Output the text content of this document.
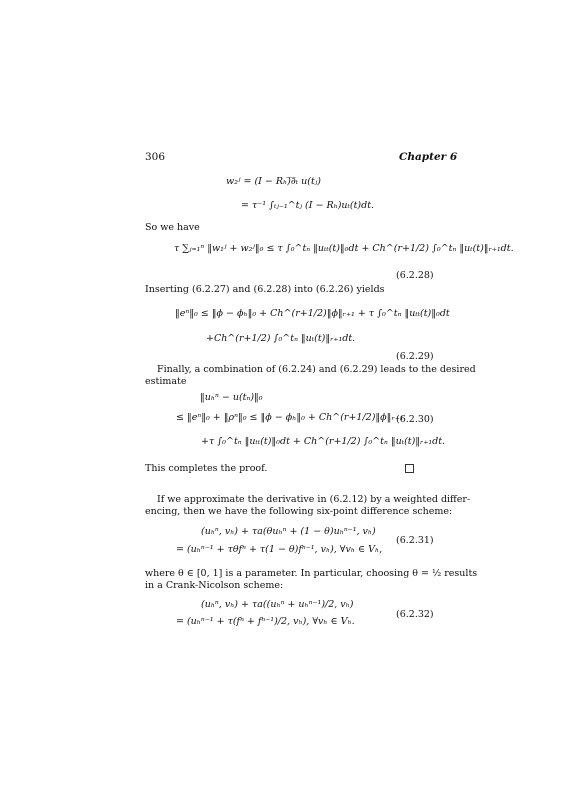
306	Chapter 6
w₂ʲ = (I − Rₕ)̅∂̅ₜ u(tⱼ)
= τ⁻¹ ∫ₜⱼ₋₁^tⱼ (I − Rₕ)uₜ(t)dt.
So we have
τ ∑ⱼ₌₁ⁿ ‖w₁ʲ + w₂ʲ‖₀ ≤ τ ∫₀^tₙ ‖uₜₜ(t)‖₀dt + Ch^(r+1/2) ∫₀^tₙ ‖uₜ(t)‖ᵣ₊₁dt.
(6.2.28)
Inserting (6.2.27) and (6.2.28) into (6.2.26) yields
‖eⁿ‖₀ ≤ ‖ϕ − ϕₕ‖₀ + Ch^(r+1/2)‖ϕ‖ᵣ₊₁ + τ ∫₀^tₙ ‖uₜₜ(t)‖₀dt
+Ch^(r+1/2) ∫₀^tₙ ‖uₜ(t)‖ᵣ₊₁dt.
(6.2.29)
Finally, a combination of (6.2.24) and (6.2.29) leads to the desired
estimate
‖uₕⁿ − u(tₙ)‖₀
≤ ‖eⁿ‖₀ + ‖ρⁿ‖₀ ≤ ‖ϕ − ϕₕ‖₀ + Ch^(r+1/2)‖ϕ‖ᵣ₊₁
(6.2.30)
+τ ∫₀^tₙ ‖uₜₜ(t)‖₀dt + Ch^(r+1/2) ∫₀^tₙ ‖uₜ(t)‖ᵣ₊₁dt.
This completes the proof.
If we approximate the derivative in (6.2.12) by a weighted differ-
encing, then we have the following six-point difference scheme:
(uₕⁿ, vₕ) + τa(θuₕⁿ + (1 − θ)uₕⁿ⁻¹, vₕ)
= (uₕⁿ⁻¹ + τθfⁿ + τ(1 − θ)fⁿ⁻¹, vₕ), ∀vₕ ∈ Vₕ,
(6.2.31)
where θ ∈ [0, 1] is a parameter. In particular, choosing θ = ½ results
in a Crank-Nicolson scheme:
(uₕⁿ, vₕ) + τa((uₕⁿ + uₕⁿ⁻¹)/2, vₕ)
= (uₕⁿ⁻¹ + τ(fⁿ + fⁿ⁻¹)/2, vₕ), ∀vₕ ∈ Vₕ.
(6.2.32)
